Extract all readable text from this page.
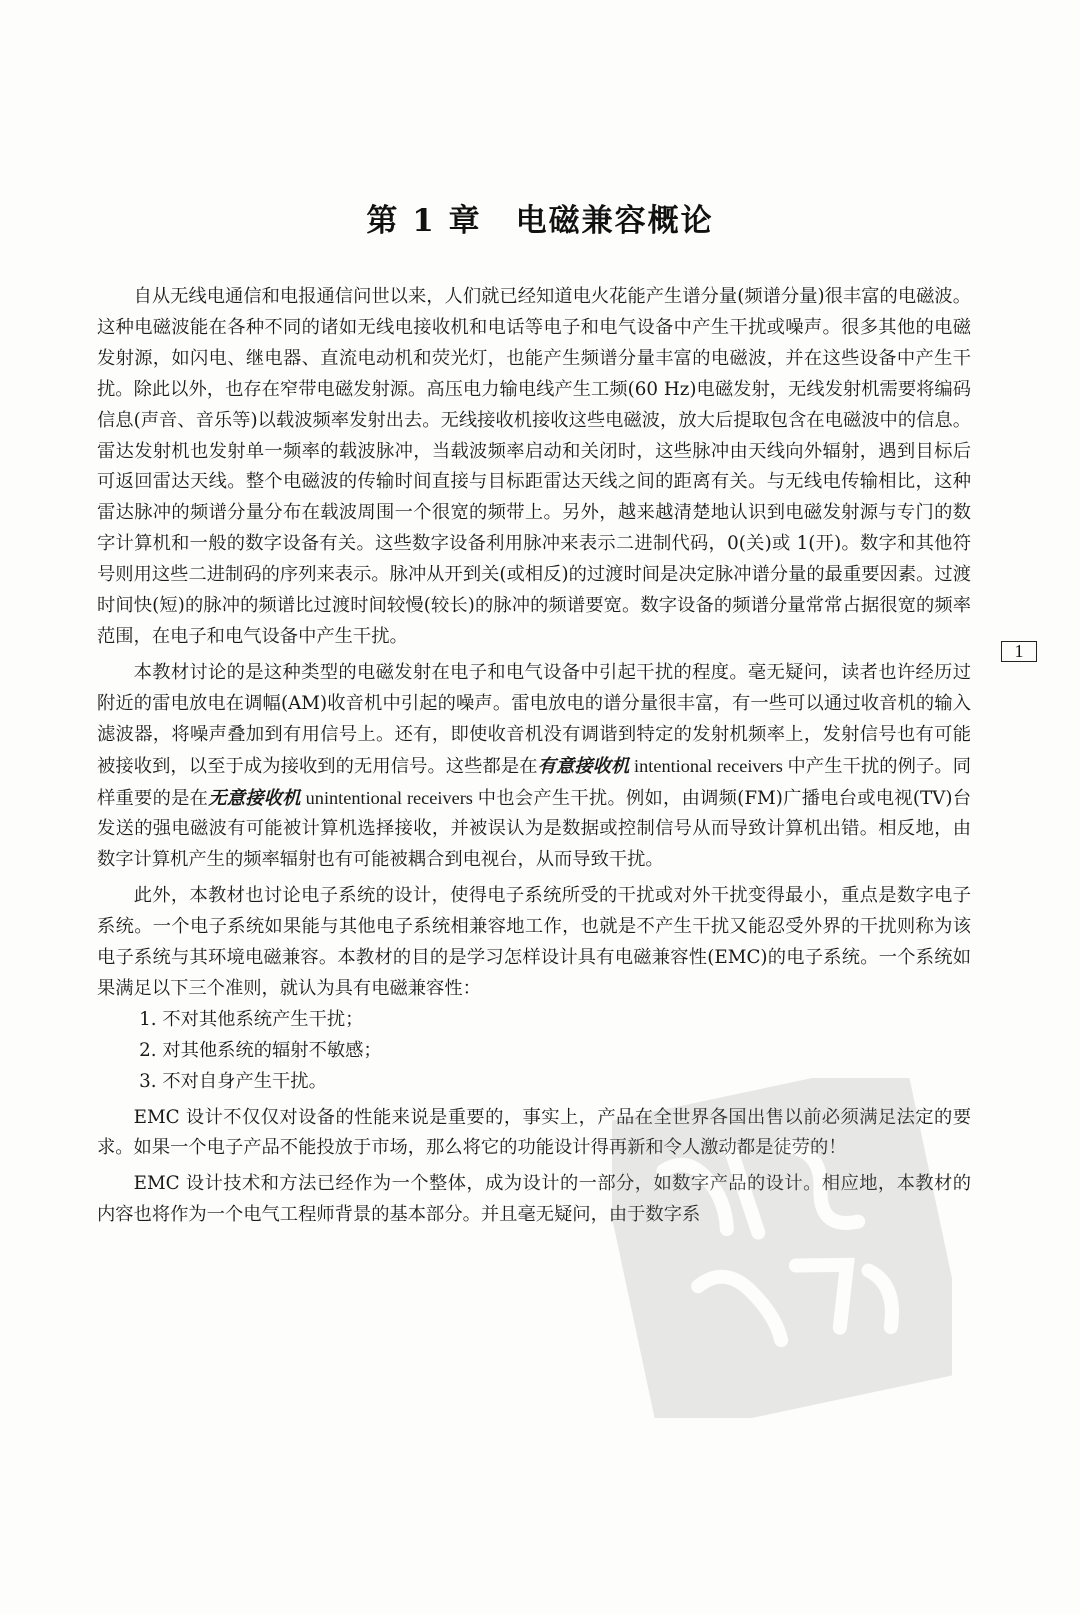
第 1 章 电磁兼容概论
1

自从无线电通信和电报通信问世以来，人们就已经知道电火花能产生谱分量(频谱分量)很丰富的电磁波。这种电磁波能在各种不同的诸如无线电接收机和电话等电子和电气设备中产生干扰或噪声。很多其他的电磁发射源，如闪电、继电器、直流电动机和荧光灯，也能产生频谱分量丰富的电磁波，并在这些设备中产生干扰。除此以外，也存在窄带电磁发射源。高压电力输电线产生工频(60 Hz)电磁发射，无线发射机需要将编码信息(声音、音乐等)以载波频率发射出去。无线接收机接收这些电磁波，放大后提取包含在电磁波中的信息。雷达发射机也发射单一频率的载波脉冲，当载波频率启动和关闭时，这些脉冲由天线向外辐射，遇到目标后可返回雷达天线。整个电磁波的传输时间直接与目标距雷达天线之间的距离有关。与无线电传输相比，这种雷达脉冲的频谱分量分布在载波周围一个很宽的频带上。另外，越来越清楚地认识到电磁发射源与专门的数字计算机和一般的数字设备有关。这些数字设备利用脉冲来表示二进制代码，0(关)或 1(开)。数字和其他符号则用这些二进制码的序列来表示。脉冲从开到关(或相反)的过渡时间是决定脉冲谱分量的最重要因素。过渡时间快(短)的脉冲的频谱比过渡时间较慢(较长)的脉冲的频谱要宽。数字设备的频谱分量常常占据很宽的频率范围，在电子和电气设备中产生干扰。

本教材讨论的是这种类型的电磁发射在电子和电气设备中引起干扰的程度。毫无疑问，读者也许经历过附近的雷电放电在调幅(AM)收音机中引起的噪声。雷电放电的谱分量很丰富，有一些可以通过收音机的输入滤波器，将噪声叠加到有用信号上。还有，即使收音机没有调谐到特定的发射机频率上，发射信号也有可能被接收到，以至于成为接收到的无用信号。这些都是在有意接收机 intentional receivers 中产生干扰的例子。同样重要的是在无意接收机 unintentional receivers 中也会产生干扰。例如，由调频(FM)广播电台或电视(TV)台发送的强电磁波有可能被计算机选择接收，并被误认为是数据或控制信号从而导致计算机出错。相反地，由数字计算机产生的频率辐射也有可能被耦合到电视台，从而导致干扰。

此外，本教材也讨论电子系统的设计，使得电子系统所受的干扰或对外干扰变得最小，重点是数字电子系统。一个电子系统如果能与其他电子系统相兼容地工作，也就是不产生干扰又能忍受外界的干扰则称为该电子系统与其环境电磁兼容。本教材的目的是学习怎样设计具有电磁兼容性(EMC)的电子系统。一个系统如果满足以下三个准则，就认为具有电磁兼容性：

1. 不对其他系统产生干扰；
2. 对其他系统的辐射不敏感；
3. 不对自身产生干扰。

EMC 设计不仅仅对设备的性能来说是重要的，事实上，产品在全世界各国出售以前必须满足法定的要求。如果一个电子产品不能投放于市场，那么将它的功能设计得再新和令人激动都是徒劳的！

EMC 设计技术和方法已经作为一个整体，成为设计的一部分，如数字产品的设计。相应地，本教材的内容也将作为一个电气工程师背景的基本部分。并且毫无疑问，由于数字系
